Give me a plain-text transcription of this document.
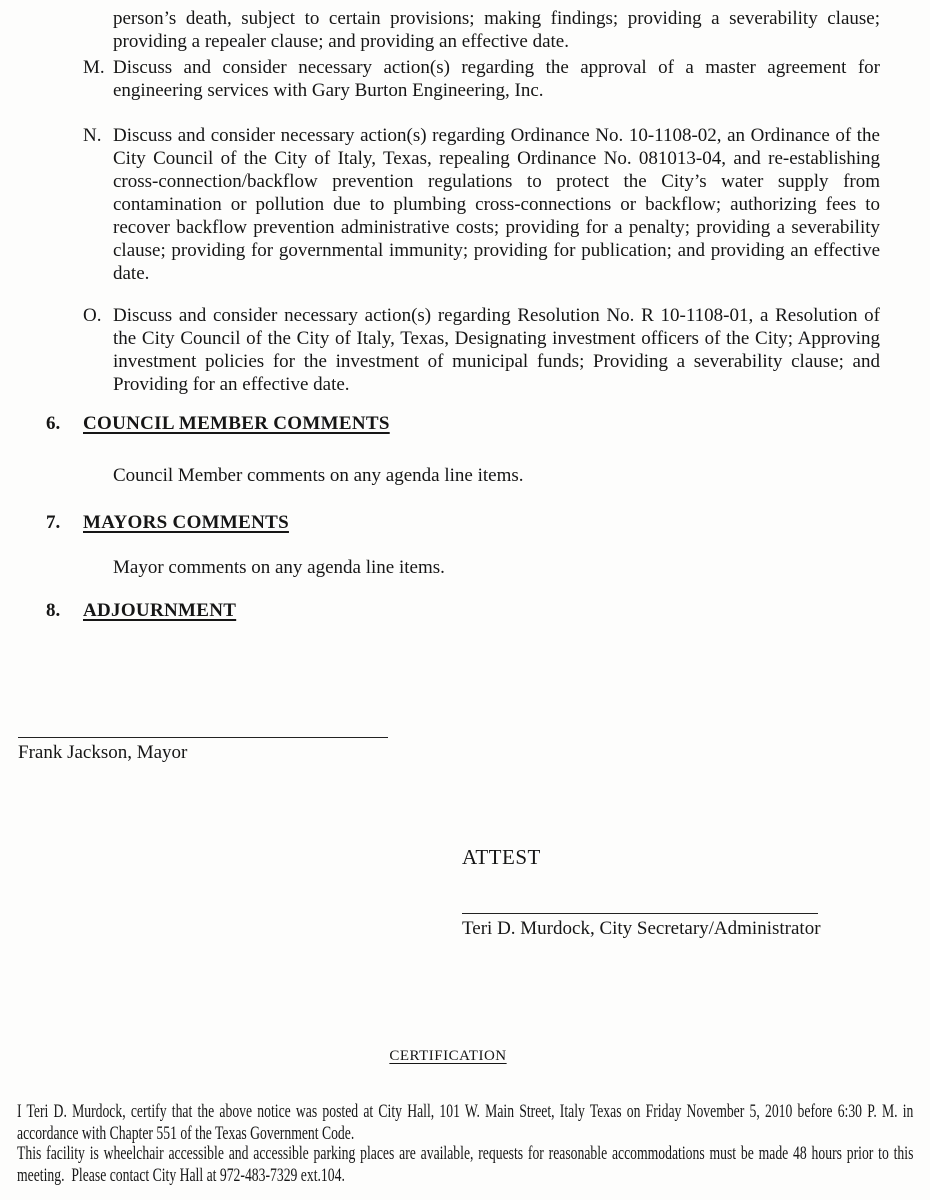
person’s death, subject to certain provisions; making findings; providing a severability clause; providing a repealer clause; and providing an effective date.
M. Discuss and consider necessary action(s) regarding the approval of a master agreement for engineering services with Gary Burton Engineering, Inc.
N. Discuss and consider necessary action(s) regarding Ordinance No. 10-1108-02, an Ordinance of the City Council of the City of Italy, Texas, repealing Ordinance No. 081013-04, and re-establishing cross-connection/backflow prevention regulations to protect the City’s water supply from contamination or pollution due to plumbing cross-connections or backflow; authorizing fees to recover backflow prevention administrative costs; providing for a penalty; providing a severability clause; providing for governmental immunity; providing for publication; and providing an effective date.
O. Discuss and consider necessary action(s) regarding Resolution No. R 10-1108-01, a Resolution of the City Council of the City of Italy, Texas, Designating investment officers of the City; Approving investment policies for the investment of municipal funds; Providing a severability clause; and Providing for an effective date.
6.	COUNCIL MEMBER COMMENTS
Council Member comments on any agenda line items.
7.	MAYORS COMMENTS
Mayor comments on any agenda line items.
8.	ADJOURNMENT
Frank Jackson, Mayor
ATTEST
Teri D. Murdock, City Secretary/Administrator
CERTIFICATION
I Teri D. Murdock, certify that the above notice was posted at City Hall, 101 W. Main Street, Italy Texas on Friday November 5, 2010 before 6:30 P. M. in accordance with Chapter 551 of the Texas Government Code.
This facility is wheelchair accessible and accessible parking places are available, requests for reasonable accommodations must be made 48 hours prior to this meeting.  Please contact City Hall at 972-483-7329 ext.104.
